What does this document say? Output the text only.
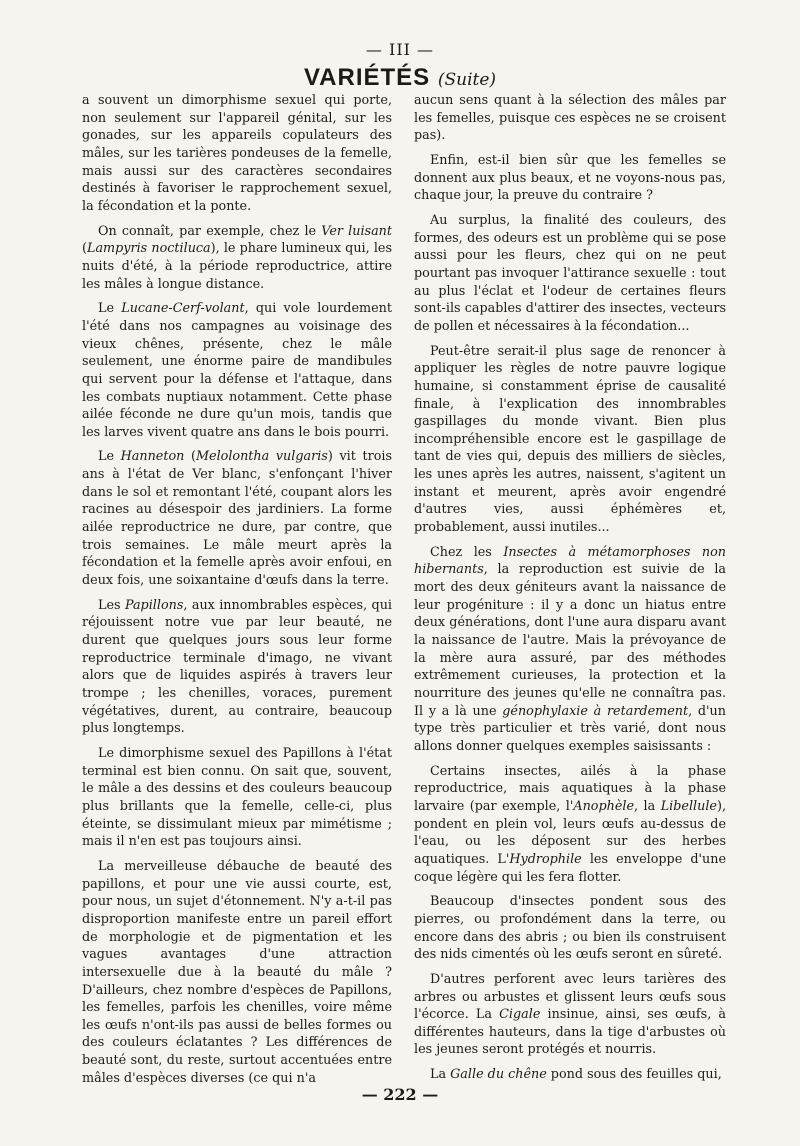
— III —
VARIÉTÉS (Suite)

a souvent un dimorphisme sexuel qui porte, non seulement sur l'appareil génital, sur les gonades, sur les appareils copulateurs des mâles, sur les tarières pondeuses de la femelle, mais aussi sur des caractères secondaires destinés à favoriser le rapprochement sexuel, la fécondation et la ponte.

On connaît, par exemple, chez le Ver luisant (Lampyris noctiluca), le phare lumineux qui, les nuits d'été, à la période reproductrice, attire les mâles à longue distance.

Le Lucane-Cerf-volant, qui vole lourdement l'été dans nos campagnes au voisinage des vieux chênes, présente, chez le mâle seulement, une énorme paire de mandibules qui servent pour la défense et l'attaque, dans les combats nuptiaux notamment. Cette phase ailée féconde ne dure qu'un mois, tandis que les larves vivent quatre ans dans le bois pourri.

Le Hanneton (Melolontha vulgaris) vit trois ans à l'état de Ver blanc, s'enfonçant l'hiver dans le sol et remontant l'été, coupant alors les racines au désespoir des jardiniers. La forme ailée reproductrice ne dure, par contre, que trois semaines. Le mâle meurt après la fécondation et la femelle après avoir enfoui, en deux fois, une soixantaine d'œufs dans la terre.

Les Papillons, aux innombrables espèces, qui réjouissent notre vue par leur beauté, ne durent que quelques jours sous leur forme reproductrice terminale d'imago, ne vivant alors que de liquides aspirés à travers leur trompe ; les chenilles, voraces, purement végétatives, durent, au contraire, beaucoup plus longtemps.

Le dimorphisme sexuel des Papillons à l'état terminal est bien connu. On sait que, souvent, le mâle a des dessins et des couleurs beaucoup plus brillants que la femelle, celle-ci, plus éteinte, se dissimulant mieux par mimétisme ; mais il n'en est pas toujours ainsi.

La merveilleuse débauche de beauté des papillons, et pour une vie aussi courte, est, pour nous, un sujet d'étonnement. N'y a-t-il pas disproportion manifeste entre un pareil effort de morphologie et de pigmentation et les vagues avantages d'une attraction intersexuelle due à la beauté du mâle ? D'ailleurs, chez nombre d'espèces de Papillons, les femelles, parfois les chenilles, voire même les œufs n'ont-ils pas aussi de belles formes ou des couleurs éclatantes ? Les différences de beauté sont, du reste, surtout accentuées entre mâles d'espèces diverses (ce qui n'a

aucun sens quant à la sélection des mâles par les femelles, puisque ces espèces ne se croisent pas).

Enfin, est-il bien sûr que les femelles se donnent aux plus beaux, et ne voyons-nous pas, chaque jour, la preuve du contraire ?

Au surplus, la finalité des couleurs, des formes, des odeurs est un problème qui se pose aussi pour les fleurs, chez qui on ne peut pourtant pas invoquer l'attirance sexuelle : tout au plus l'éclat et l'odeur de certaines fleurs sont-ils capables d'attirer des insectes, vecteurs de pollen et nécessaires à la fécondation...

Peut-être serait-il plus sage de renoncer à appliquer les règles de notre pauvre logique humaine, si constamment éprise de causalité finale, à l'explication des innombrables gaspillages du monde vivant. Bien plus incompréhensible encore est le gaspillage de tant de vies qui, depuis des milliers de siècles, les unes après les autres, naissent, s'agitent un instant et meurent, après avoir engendré d'autres vies, aussi éphémères et, probablement, aussi inutiles...

Chez les Insectes à métamorphoses non hibernants, la reproduction est suivie de la mort des deux géniteurs avant la naissance de leur progéniture : il y a donc un hiatus entre deux générations, dont l'une aura disparu avant la naissance de l'autre. Mais la prévoyance de la mère aura assuré, par des méthodes extrêmement curieuses, la protection et la nourriture des jeunes qu'elle ne connaîtra pas. Il y a là une génophylaxie à retardement, d'un type très particulier et très varié, dont nous allons donner quelques exemples saisissants :

Certains insectes, ailés à la phase reproductrice, mais aquatiques à la phase larvaire (par exemple, l'Anophèle, la Libellule), pondent en plein vol, leurs œufs au-dessus de l'eau, ou les déposent sur des herbes aquatiques. L'Hydrophile les enveloppe d'une coque légère qui les fera flotter.

Beaucoup d'insectes pondent sous des pierres, ou profondément dans la terre, ou encore dans des abris ; ou bien ils construisent des nids cimentés où les œufs seront en sûreté.

D'autres perforent avec leurs tarières des arbres ou arbustes et glissent leurs œufs sous l'écorce. La Cigale insinue, ainsi, ses œufs, à différentes hauteurs, dans la tige d'arbustes où les jeunes seront protégés et nourris.

La Galle du chêne pond sous des feuilles qui,

— 222 —
